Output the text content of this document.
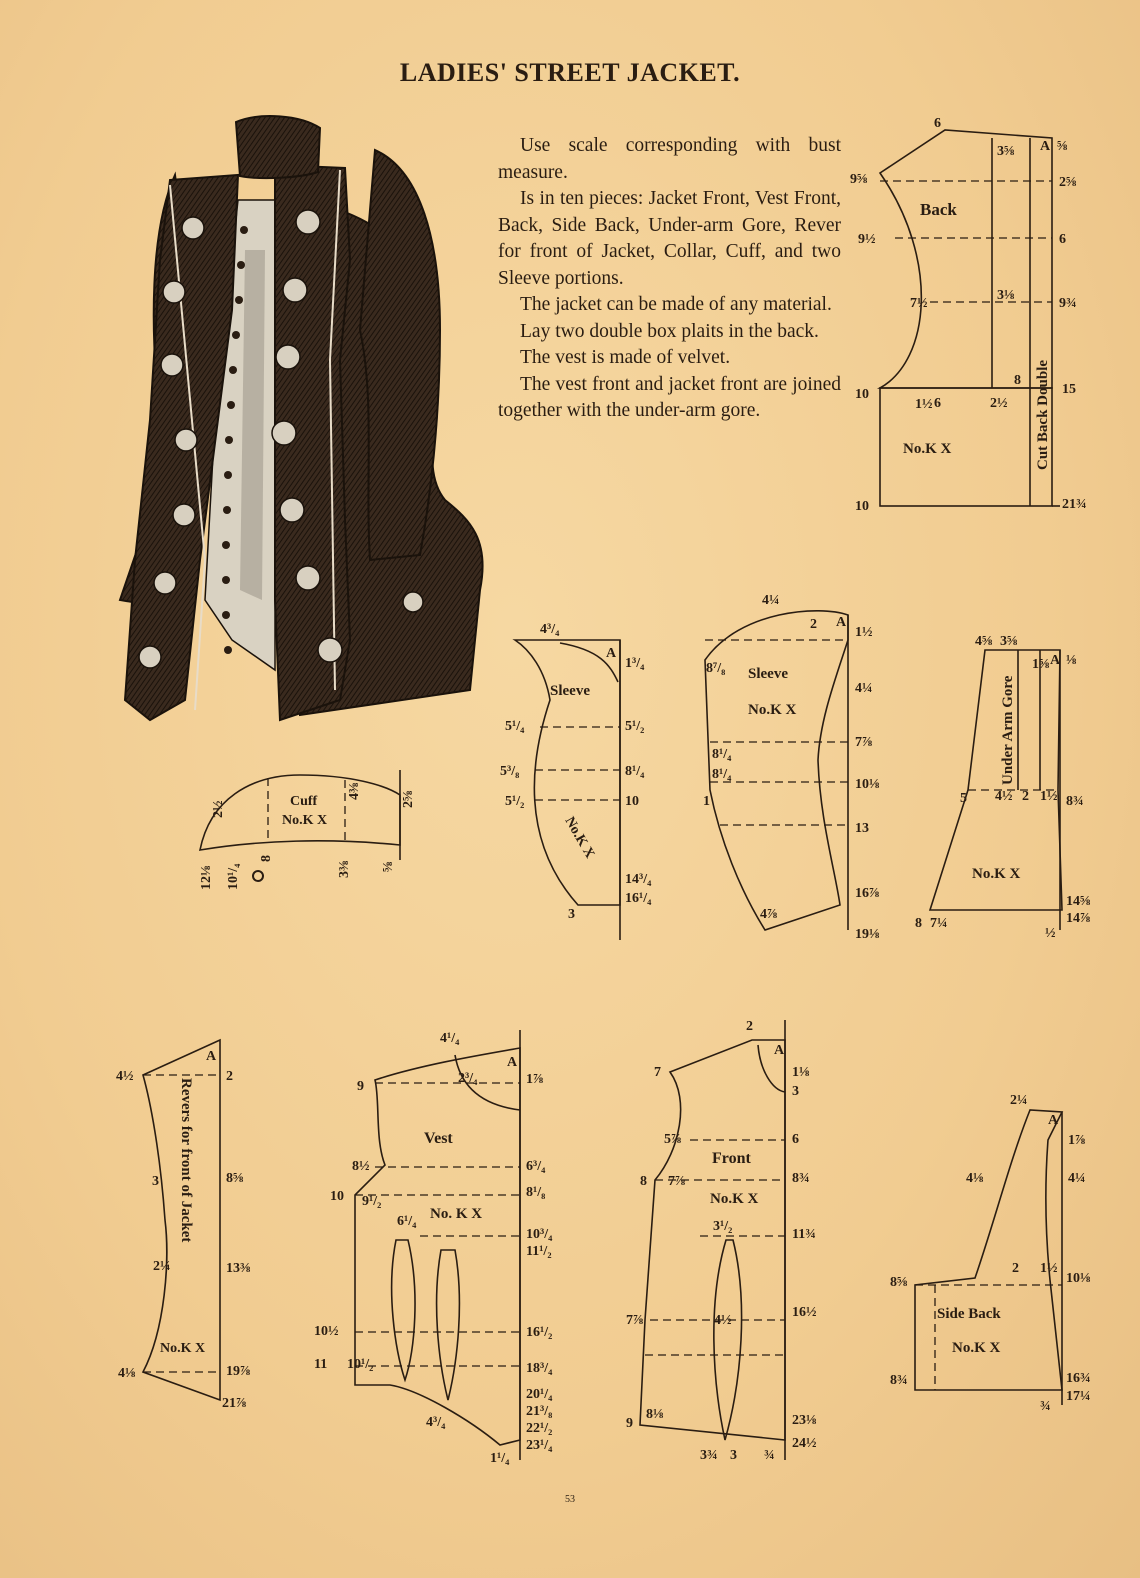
LADIES' STREET JACKET.

Use scale corresponding with bust measure.

Is in ten pieces: Jacket Front, Vest Front, Back, Side Back, Under-arm Gore, Rever for front of Jacket, Collar, Cuff, and two Sleeve portions.

The jacket can be made of any material.

Lay two double box plaits in the back.

The vest is made of velvet.

The vest front and jacket front are joined together with the under-arm gore.

Back
No.K X	Cut Back Double
6
A
3⅝	⅝
9⅝	2⅝
9½	6
7½
3⅛
9¾
10	15
10	21¾
1½ 6	2½
8
Sleeve
No.K X
4³/₄
A
1³/₄
5¹/₄	5¹/₂
5³/₈	8¹/₄
5¹/₂	10
14³/₄
16¹/₄
3
Sleeve
No.K X
4¼
2 A
1½
8⁷/₈
4¼
8¹/₄
7⅞
8¹/₄
10⅛
1
13
16⅞
4⅞
19⅛
Under Arm Gore
No.K X
4⅝ 3⅝
1⅝ A ⅛
5 4½ 2 1½ 8¾
14⅝
14⅞
8 7¼
½
Cuff
No.K X
2½
12⅛ 10¹/₄
8
3⅜ ⅝
2⅝
4⅜
Revers for front of Jacket
No.K X
4½
A
2
3	8⅝
2¼	13⅜
4⅛	19⅞
21⅞
Vest
No. K X
4¹/₄
A
9
2³/₄	1⅞
8½	6³/₄
10 9¹/₂
8¹/₈
6¹/₄
10³/₄
11¹/₂
10½	16¹/₂
11 10¹/₂	18³/₄
4³/₄
20¹/₄
21³/₈
22¹/₂
23¹/₄
1¹/₄
Front
No.K X
2
7
A
1⅛
3
5⅞	6
8 7⅞	8¾
3¹/₂
11¾
7⅞	4½
16½
9
8⅛	23⅛
24½
3¾ 3 ¾
Side Back
No.K X
2¼
A
1⅞
4⅛	4¼
8⅝
2 1½
10⅛
8¾	16¾
17¼
¾
53
